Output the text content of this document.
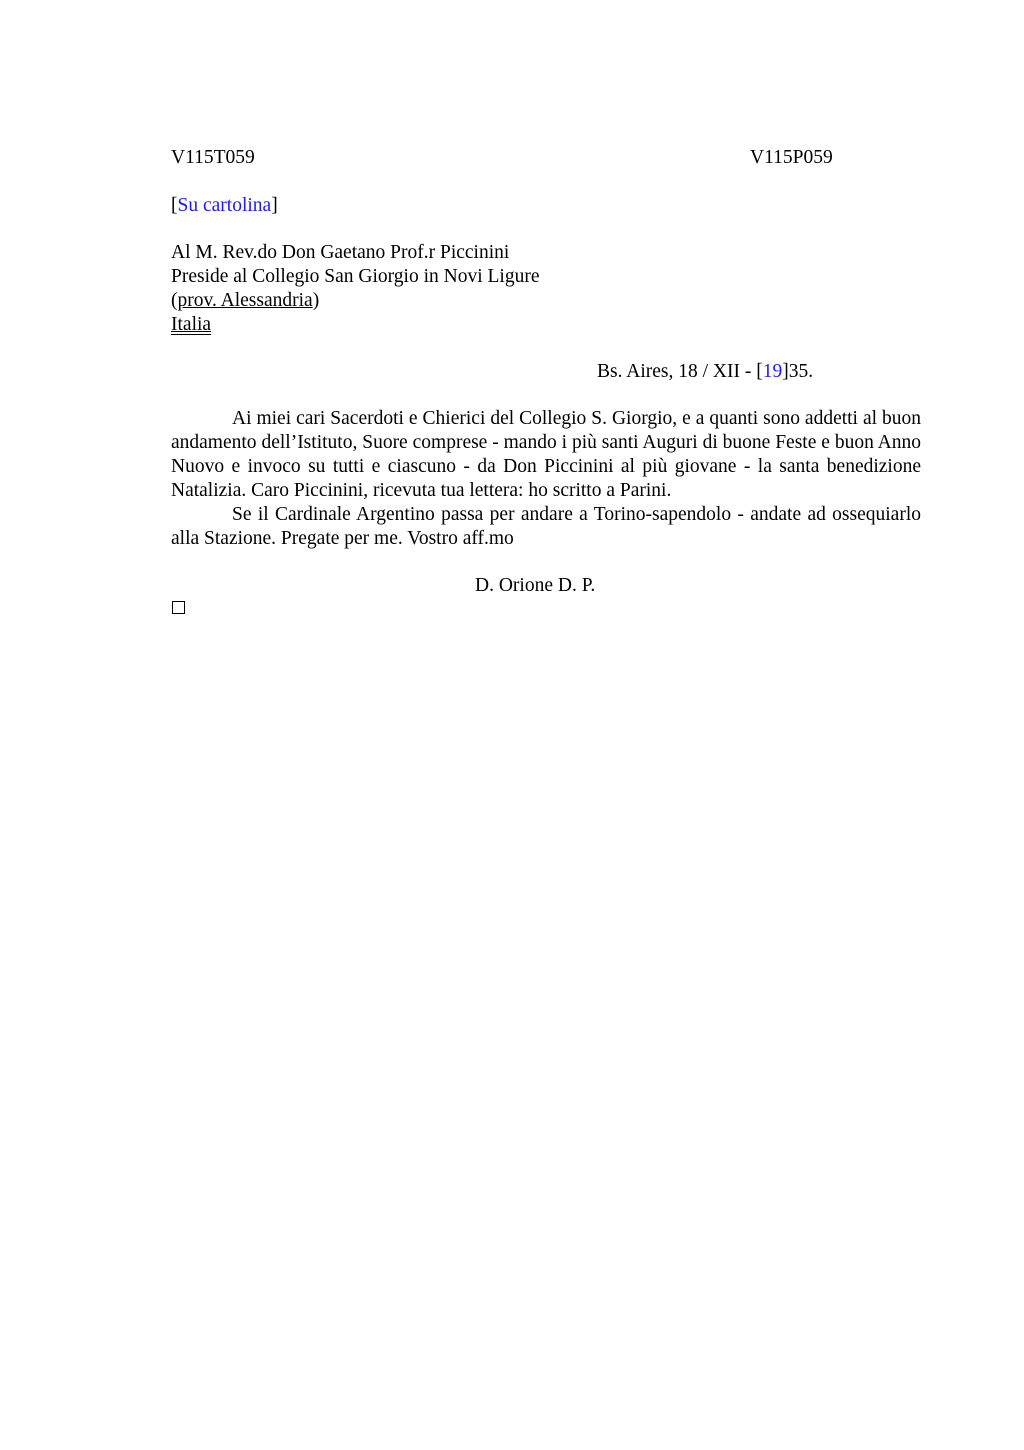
V115T059	V115P059
[Su cartolina]
Al M. Rev.do Don Gaetano Prof.r Piccinini
Preside al Collegio San Giorgio in Novi Ligure
(prov. Alessandria)
Italia
Bs. Aires, 18 / XII - [19]35.
Ai miei cari Sacerdoti e Chierici del Collegio S. Giorgio, e a quanti sono addetti al buon andamento dell’Istituto, Suore comprese - mando i più santi Auguri di buone Feste e buon Anno Nuovo e invoco su tutti e ciascuno - da Don Piccinini al più giovane - la santa benedizione Natalizia. Caro Piccinini, ricevuta tua lettera: ho scritto a Parini.
Se il Cardinale Argentino passa per andare a Torino-sapendolo - andate ad ossequiarlo alla Stazione. Pregate per me. Vostro aff.mo
D. Orione D. P.
